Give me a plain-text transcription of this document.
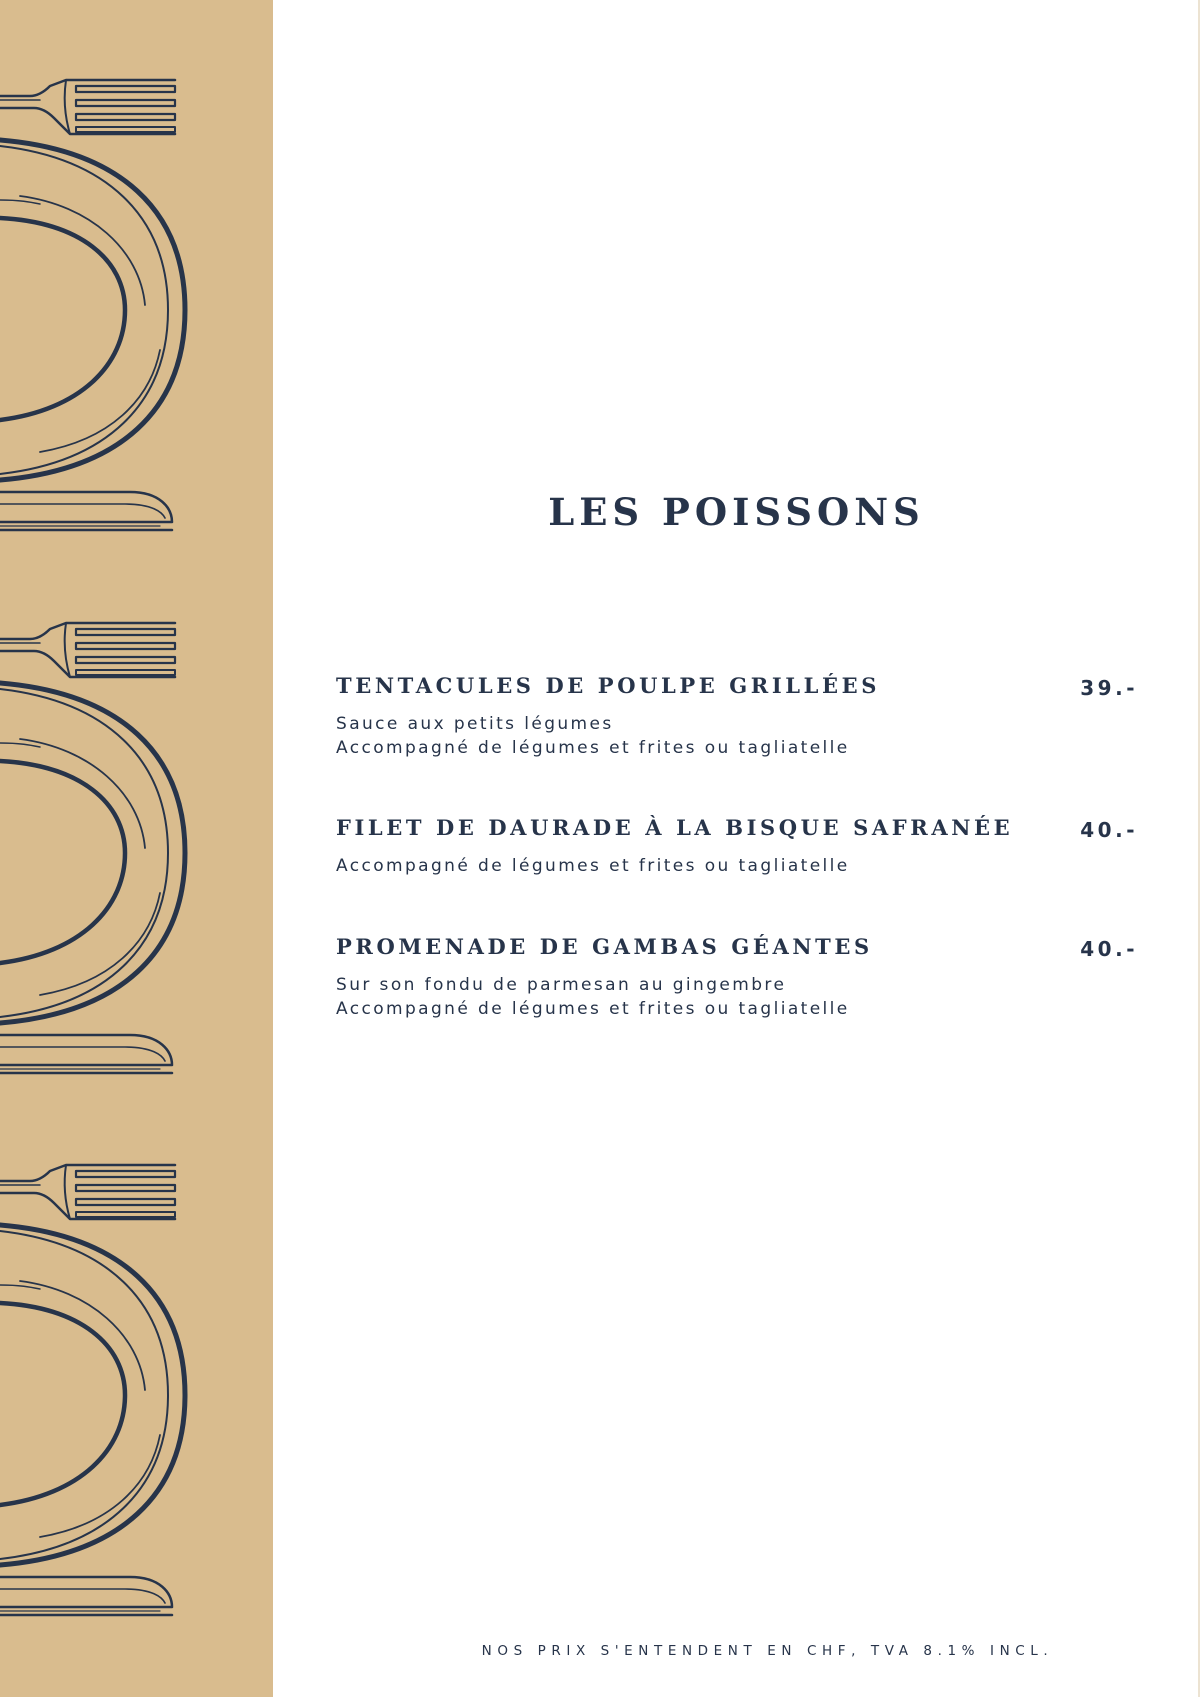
LES POISSONS
TENTACULES DE POULPE GRILLÉES	39.-
Sauce aux petits légumes
Accompagné de légumes et frites ou tagliatelle
FILET DE DAURADE À LA BISQUE SAFRANÉE	40.-
Accompagné de légumes et frites ou tagliatelle
PROMENADE DE GAMBAS GÉANTES	40.-
Sur son fondu de parmesan au gingembre
Accompagné de légumes et frites ou tagliatelle
NOS PRIX S'ENTENDENT EN CHF, TVA 8.1% INCL.
